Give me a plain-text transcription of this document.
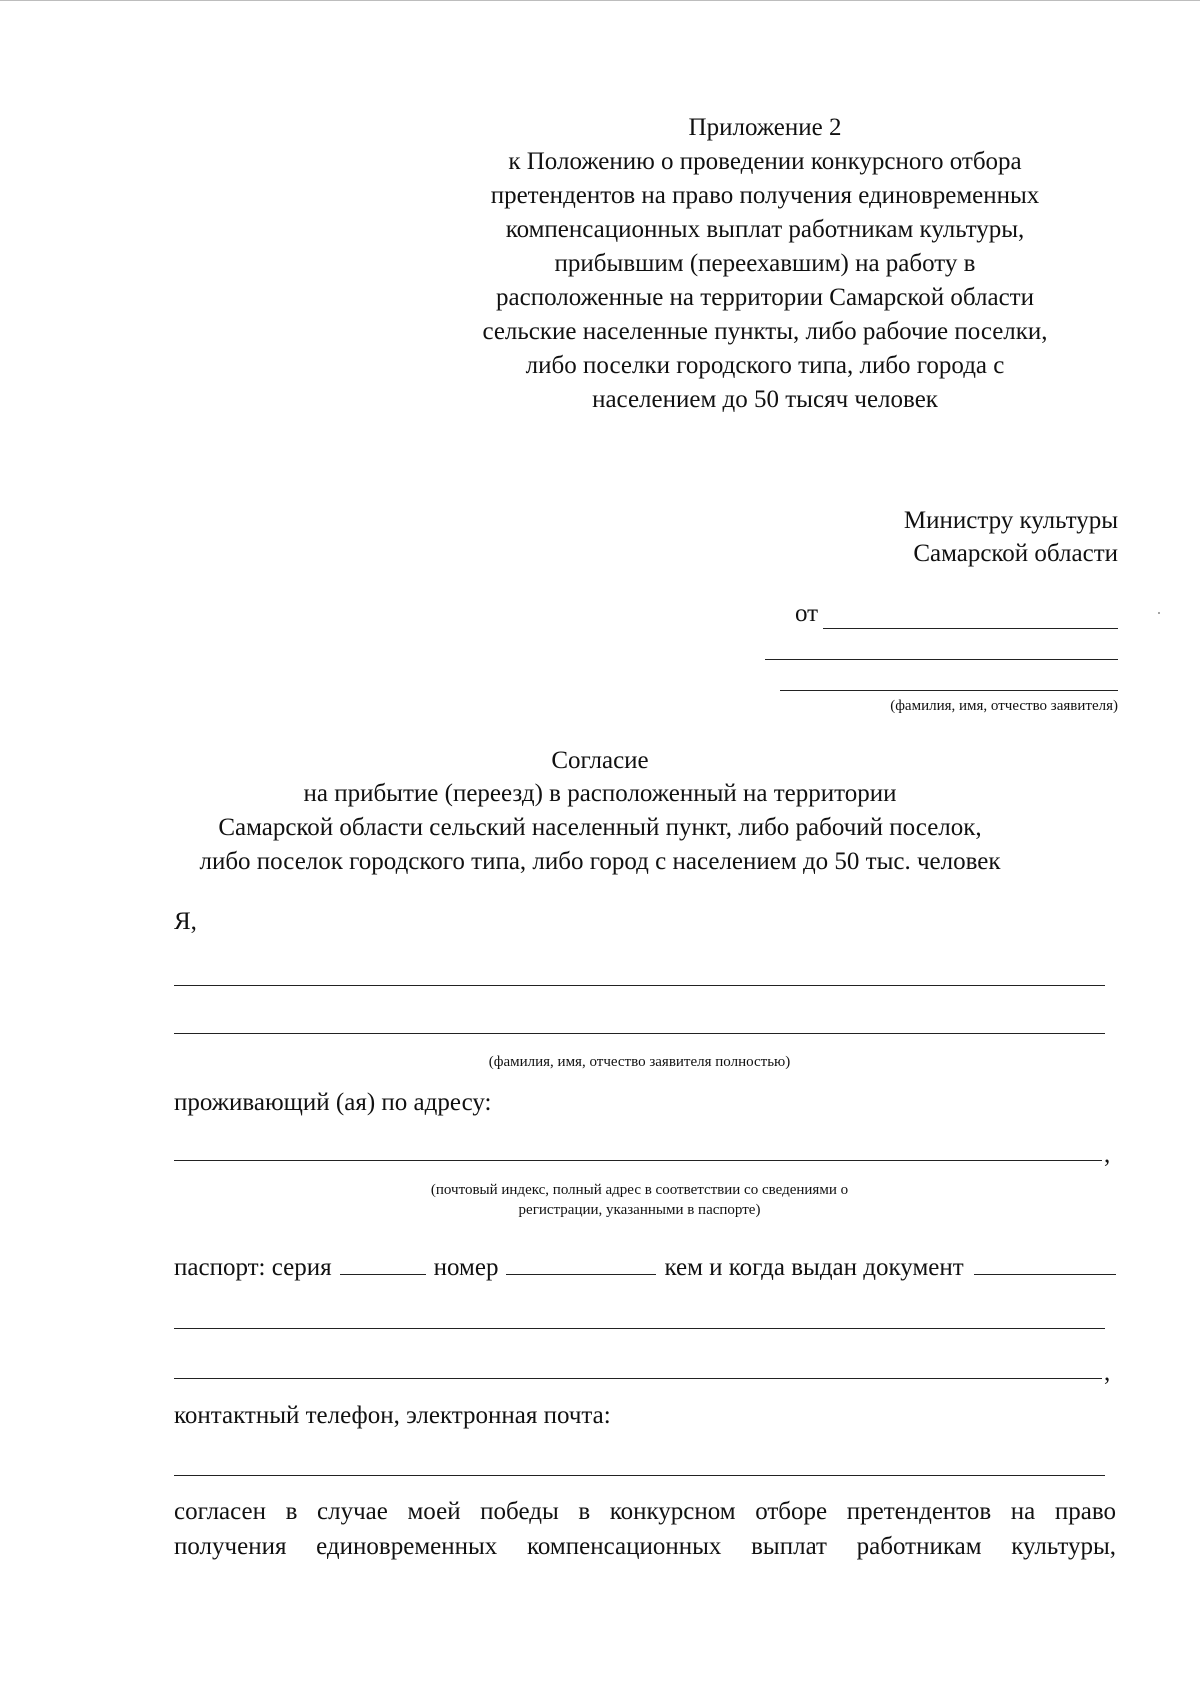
Приложение 2
к Положению о проведении конкурсного отбора
претендентов на право получения единовременных
компенсационных выплат работникам культуры,
прибывшим (переехавшим) на работу в
расположенные на территории Самарской области
сельские населенные пункты, либо рабочие поселки,
либо поселки городского типа, либо города с
населением до 50 тысяч человек
Министру культуры
Самарской области
от
(фамилия, имя, отчество заявителя)
Согласие
на прибытие (переезд) в расположенный на территории
Самарской области сельский населенный пункт, либо рабочий поселок,
либо поселок городского типа, либо город с населением до 50 тыс. человек
Я,
(фамилия, имя, отчество заявителя полностью)
проживающий (ая) по адресу:
,
(почтовый индекс, полный адрес в соответствии со сведениями о
регистрации, указанными в паспорте)
паспорт: серия	номер	кем и когда выдан документ
,
контактный телефон, электронная почта:
согласен в случае моей победы в конкурсном отборе претендентов на право
получения единовременных компенсационных выплат работникам культуры,
